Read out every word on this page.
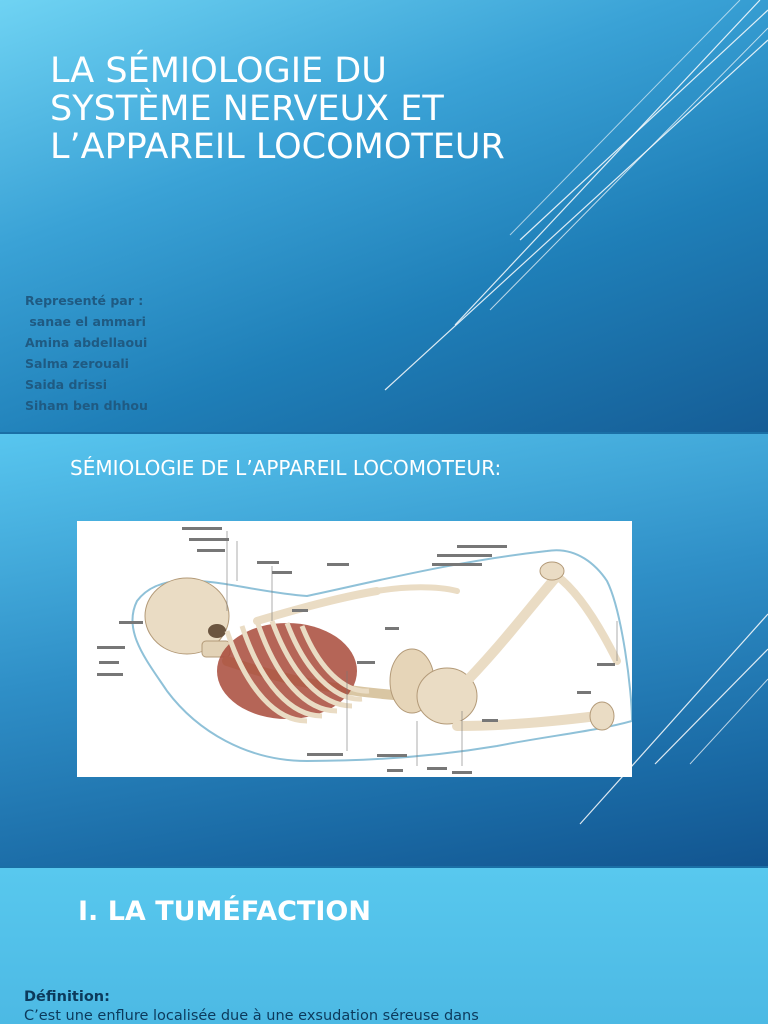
LA SÉMIOLOGIE DU SYSTÈME NERVEUX ET L’APPAREIL LOCOMOTEUR
Representé par :
sanae el ammari
Amina abdellaoui
Salma zerouali
Saida drissi
Siham ben dhhou
SÉMIOLOGIE DE L’APPAREIL LOCOMOTEUR:
I. LA TUMÉFACTION
Définition:
C’est une enflure localisée due à une exsudation séreuse dans
